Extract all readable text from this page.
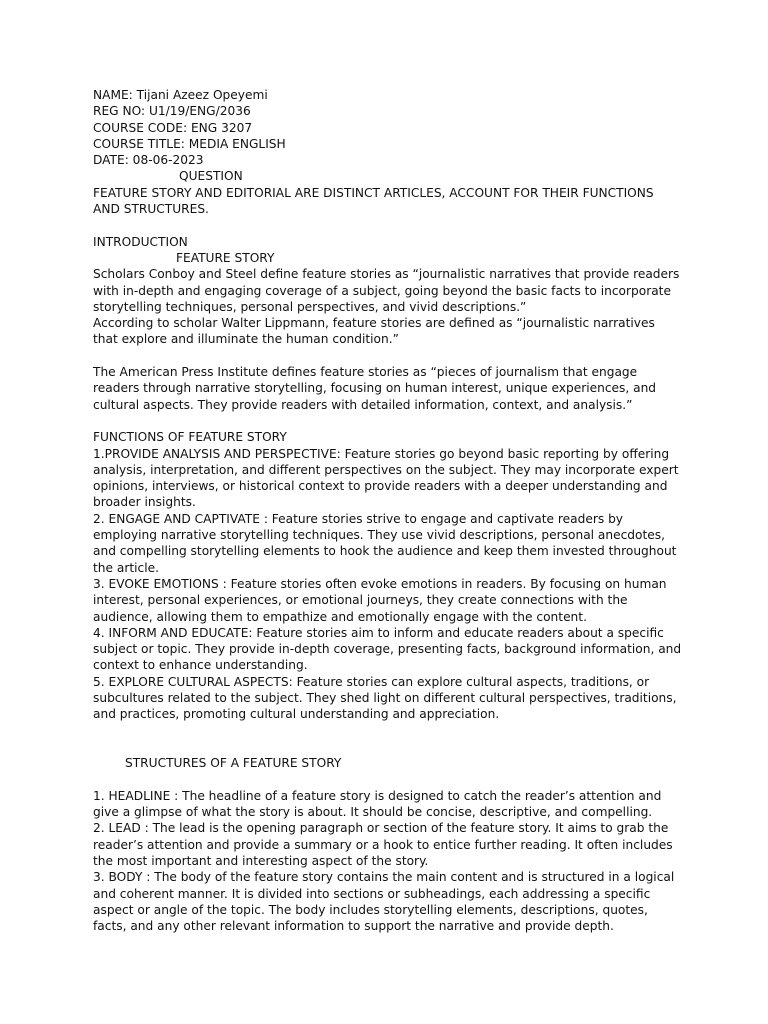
NAME: Tijani Azeez Opeyemi
REG NO: U1/19/ENG/2036
COURSE CODE: ENG 3207
COURSE TITLE: MEDIA ENGLISH
DATE: 08-06-2023
QUESTION

FEATURE STORY AND EDITORIAL ARE DISTINCT ARTICLES, ACCOUNT FOR THEIR FUNCTIONS AND STRUCTURES.

INTRODUCTION
FEATURE STORY

Scholars Conboy and Steel define feature stories as “journalistic narratives that provide readers with in-depth and engaging coverage of a subject, going beyond the basic facts to incorporate storytelling techniques, personal perspectives, and vivid descriptions.”

According to scholar Walter Lippmann, feature stories are defined as “journalistic narratives that explore and illuminate the human condition.”

The American Press Institute defines feature stories as “pieces of journalism that engage readers through narrative storytelling, focusing on human interest, unique experiences, and cultural aspects. They provide readers with detailed information, context, and analysis.”

FUNCTIONS OF FEATURE STORY

1.PROVIDE ANALYSIS AND PERSPECTIVE: Feature stories go beyond basic reporting by offering analysis, interpretation, and different perspectives on the subject. They may incorporate expert opinions, interviews, or historical context to provide readers with a deeper understanding and broader insights.

2. ENGAGE AND CAPTIVATE : Feature stories strive to engage and captivate readers by employing narrative storytelling techniques. They use vivid descriptions, personal anecdotes, and compelling storytelling elements to hook the audience and keep them invested throughout the article.

3. EVOKE EMOTIONS : Feature stories often evoke emotions in readers. By focusing on human interest, personal experiences, or emotional journeys, they create connections with the audience, allowing them to empathize and emotionally engage with the content.

4. INFORM AND EDUCATE: Feature stories aim to inform and educate readers about a specific subject or topic. They provide in-depth coverage, presenting facts, background information, and context to enhance understanding.

5. EXPLORE CULTURAL ASPECTS: Feature stories can explore cultural aspects, traditions, or subcultures related to the subject. They shed light on different cultural perspectives, traditions, and practices, promoting cultural understanding and appreciation.

STRUCTURES OF A FEATURE STORY

1. HEADLINE : The headline of a feature story is designed to catch the reader’s attention and give a glimpse of what the story is about. It should be concise, descriptive, and compelling.

2. LEAD : The lead is the opening paragraph or section of the feature story. It aims to grab the reader’s attention and provide a summary or a hook to entice further reading. It often includes the most important and interesting aspect of the story.

3. BODY : The body of the feature story contains the main content and is structured in a logical and coherent manner. It is divided into sections or subheadings, each addressing a specific aspect or angle of the topic. The body includes storytelling elements, descriptions, quotes, facts, and any other relevant information to support the narrative and provide depth.
